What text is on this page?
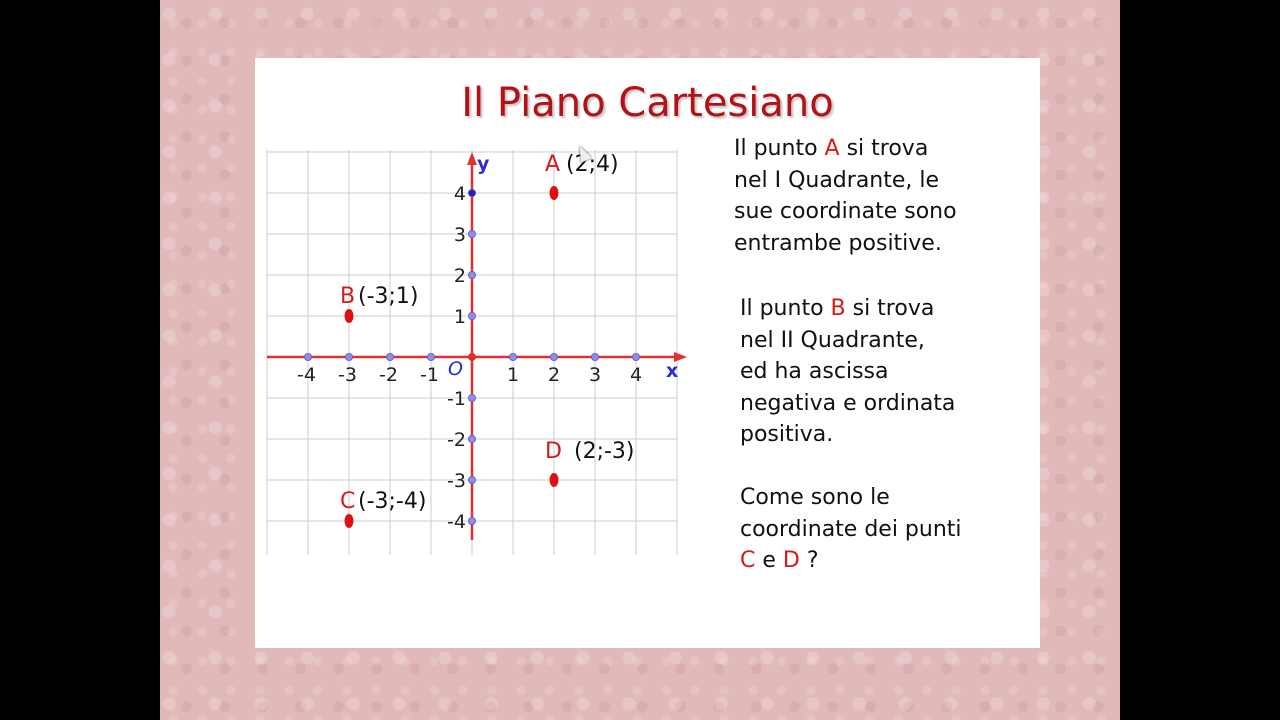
Il Piano Cartesiano
x
y
O
-4 -3 -2 -1	1 2 3 4
4
3
2
1
-1
-2
-3
-4
A (2;4)
B (-3;1)
C (-3;-4)
D (2;-3)

Il punto A si trova
nel I Quadrante, le
sue coordinate sono
entrambe positive.

Il punto B si trova
nel II Quadrante,
ed ha ascissa
negativa e ordinata
positiva.

Come sono le
coordinate dei punti
C e D ?
